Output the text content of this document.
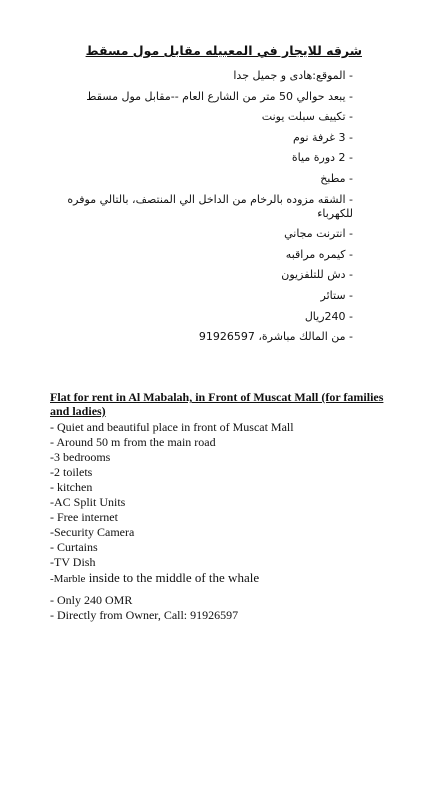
شرقه للايجار في المعبيله مقابل مول مسقط
- الموقع:هادى و جميل جدا
- يبعد حوالي 50 متر من الشارع العام --مقابل مول مسقط
- تكييف سبلت يونت
- 3 غرفة نوم
- 2 دورة مياة
- مطبخ
- الشقه مزوده بالرخام من الداخل الي المنتصف، بالتالي موفره للكهرباء
- انترنت مجاني
- كيمره مراقبه
- دش للتلفزيون
- ستائر
- 240ريال
- من المالك مباشرة، 91926597
Flat for rent in Al Mabalah, in Front of Muscat Mall (for families and ladies)
- Quiet and beautiful place in front of Muscat Mall
- Around 50 m from the main road
-3 bedrooms
-2 toilets
- kitchen
-AC Split Units
- Free internet
-Security Camera
- Curtains
-TV Dish
-Marble inside to the middle of the whale
- Only 240 OMR
- Directly from Owner, Call: 91926597
